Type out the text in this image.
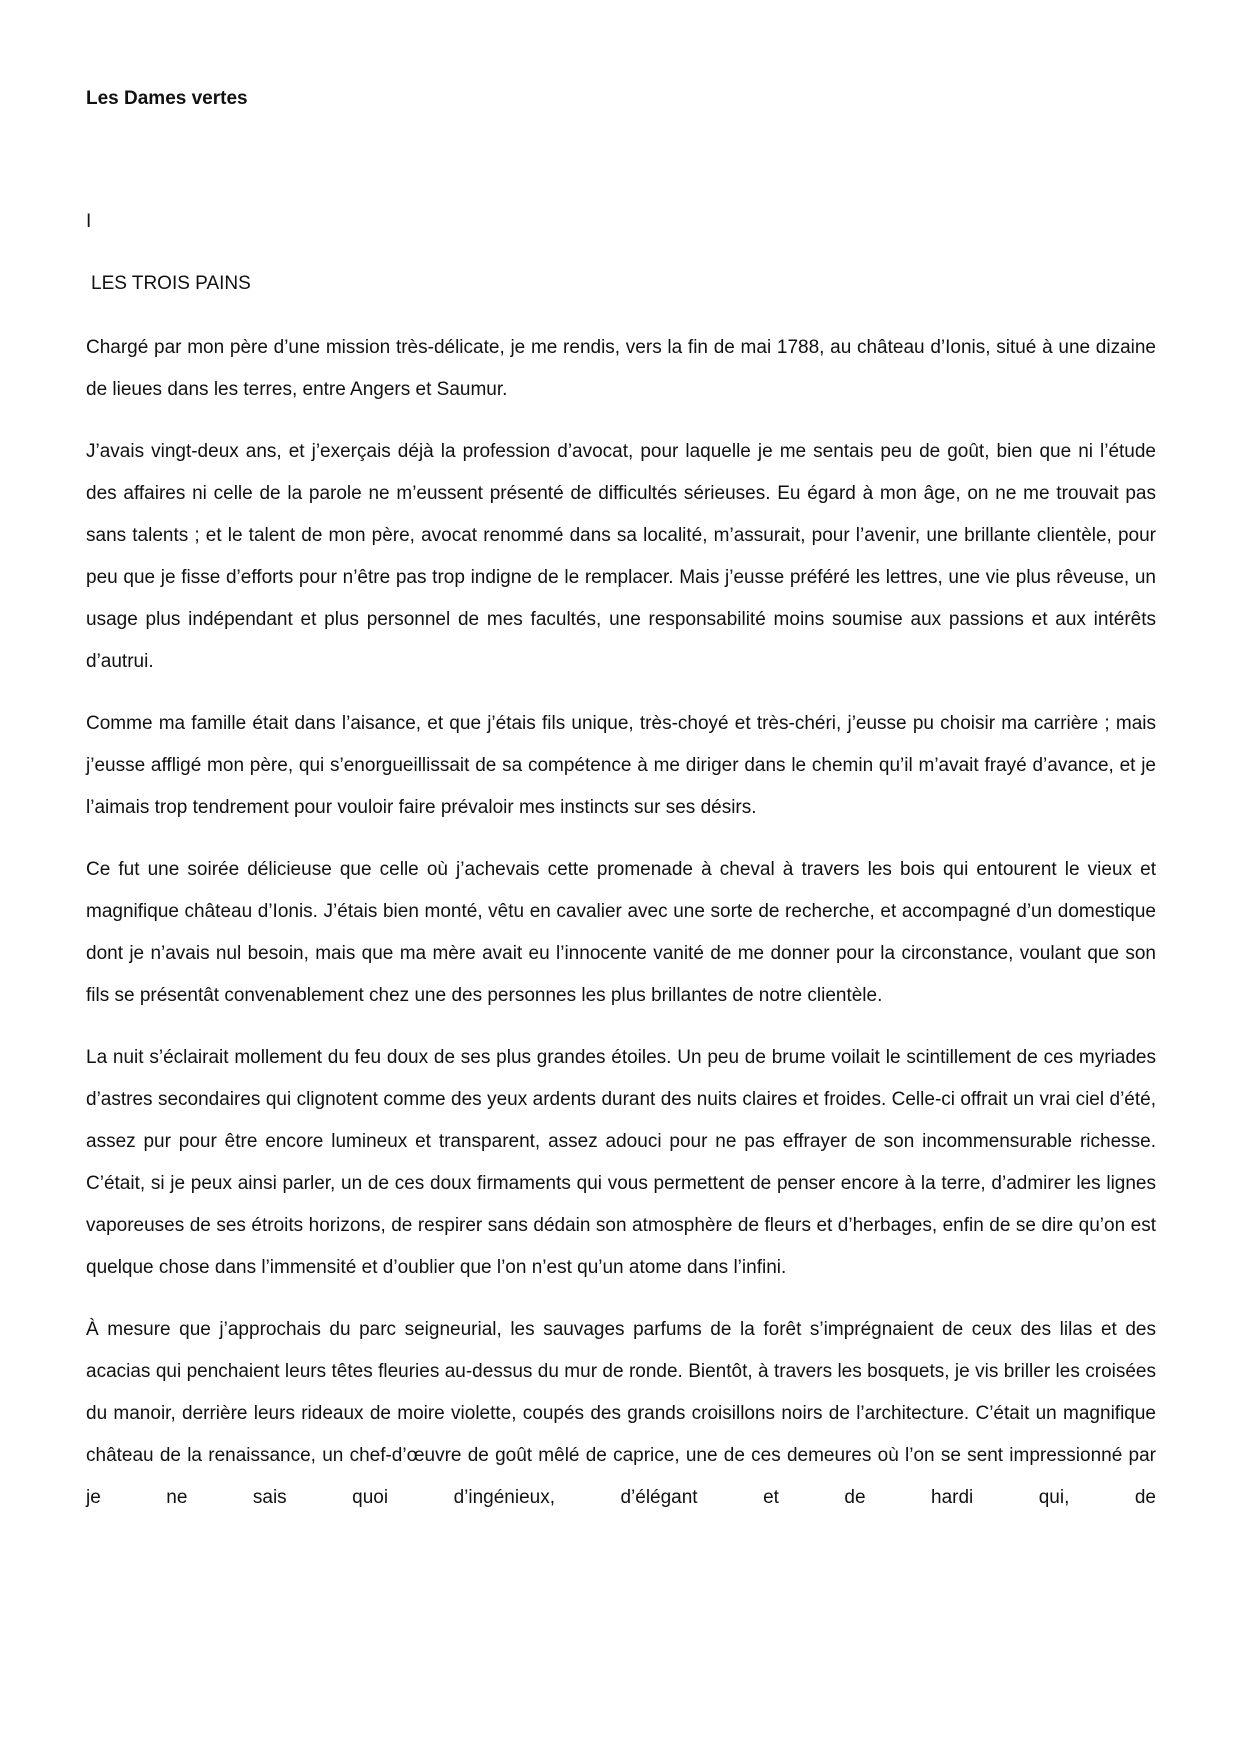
Les Dames vertes
I
LES TROIS PAINS

Chargé par mon père d’une mission très-délicate, je me rendis, vers la fin de mai 1788, au château d’Ionis, situé à une dizaine de lieues dans les terres, entre Angers et Saumur.

J’avais vingt-deux ans, et j’exerçais déjà la profession d’avocat, pour laquelle je me sentais peu de goût, bien que ni l’étude des affaires ni celle de la parole ne m’eussent présenté de difficultés sérieuses. Eu égard à mon âge, on ne me trouvait pas sans talents ; et le talent de mon père, avocat renommé dans sa localité, m’assurait, pour l’avenir, une brillante clientèle, pour peu que je fisse d’efforts pour n’être pas trop indigne de le remplacer. Mais j’eusse préféré les lettres, une vie plus rêveuse, un usage plus indépendant et plus personnel de mes facultés, une responsabilité moins soumise aux passions et aux intérêts d’autrui.

Comme ma famille était dans l’aisance, et que j’étais fils unique, très-choyé et très-chéri, j’eusse pu choisir ma carrière ; mais j’eusse affligé mon père, qui s’enorgueillissait de sa compétence à me diriger dans le chemin qu’il m’avait frayé d’avance, et je l’aimais trop tendrement pour vouloir faire prévaloir mes instincts sur ses désirs.

Ce fut une soirée délicieuse que celle où j’achevais cette promenade à cheval à travers les bois qui entourent le vieux et magnifique château d’Ionis. J’étais bien monté, vêtu en cavalier avec une sorte de recherche, et accompagné d’un domestique dont je n’avais nul besoin, mais que ma mère avait eu l’innocente vanité de me donner pour la circonstance, voulant que son fils se présentât convenablement chez une des personnes les plus brillantes de notre clientèle.

La nuit s’éclairait mollement du feu doux de ses plus grandes étoiles. Un peu de brume voilait le scintillement de ces myriades d’astres secondaires qui clignotent comme des yeux ardents durant des nuits claires et froides. Celle-ci offrait un vrai ciel d’été, assez pur pour être encore lumineux et transparent, assez adouci pour ne pas effrayer de son incommensurable richesse. C’était, si je peux ainsi parler, un de ces doux firmaments qui vous permettent de penser encore à la terre, d’admirer les lignes vaporeuses de ses étroits horizons, de respirer sans dédain son atmosphère de fleurs et d’herbages, enfin de se dire qu’on est quelque chose dans l’immensité et d’oublier que l’on n’est qu’un atome dans l’infini.

À mesure que j’approchais du parc seigneurial, les sauvages parfums de la forêt s’imprégnaient de ceux des lilas et des acacias qui penchaient leurs têtes fleuries au-dessus du mur de ronde. Bientôt, à travers les bosquets, je vis briller les croisées du manoir, derrière leurs rideaux de moire violette, coupés des grands croisillons noirs de l’architecture. C’était un magnifique château de la renaissance, un chef-d’œuvre de goût mêlé de caprice, une de ces demeures où l’on se sent impressionné par je ne sais quoi d’ingénieux, d’élégant et de hardi qui, de
